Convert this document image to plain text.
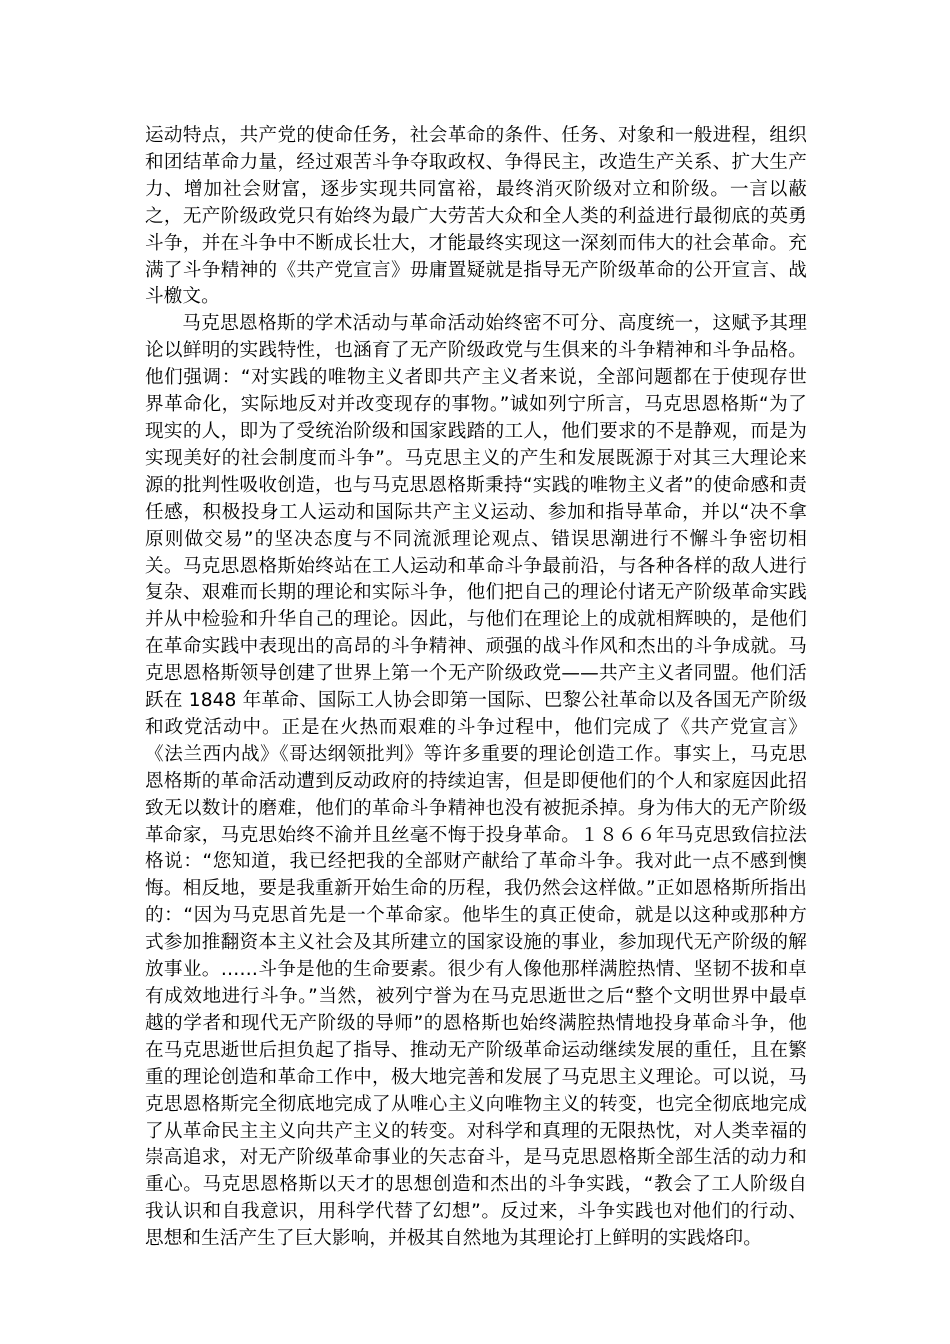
运动特点，共产党的使命任务，社会革命的条件、任务、对象和一般进程，组织和团结革命力量，经过艰苦斗争夺取政权、争得民主，改造生产关系、扩大生产力、增加社会财富，逐步实现共同富裕，最终消灭阶级对立和阶级。一言以蔽之，无产阶级政党只有始终为最广大劳苦大众和全人类的利益进行最彻底的英勇斗争，并在斗争中不断成长壮大，才能最终实现这一深刻而伟大的社会革命。充满了斗争精神的《共产党宣言》毋庸置疑就是指导无产阶级革命的公开宣言、战斗檄文。

马克思恩格斯的学术活动与革命活动始终密不可分、高度统一，这赋予其理论以鲜明的实践特性，也涵育了无产阶级政党与生俱来的斗争精神和斗争品格。他们强调：“对实践的唯物主义者即共产主义者来说，全部问题都在于使现存世界革命化，实际地反对并改变现存的事物。”诚如列宁所言，马克思恩格斯“为了现实的人，即为了受统治阶级和国家践踏的工人，他们要求的不是静观，而是为实现美好的社会制度而斗争”。马克思主义的产生和发展既源于对其三大理论来源的批判性吸收创造，也与马克思恩格斯秉持“实践的唯物主义者”的使命感和责任感，积极投身工人运动和国际共产主义运动、参加和指导革命，并以“决不拿原则做交易”的坚决态度与不同流派理论观点、错误思潮进行不懈斗争密切相关。马克思恩格斯始终站在工人运动和革命斗争最前沿，与各种各样的敌人进行复杂、艰难而长期的理论和实际斗争，他们把自己的理论付诸无产阶级革命实践并从中检验和升华自己的理论。因此，与他们在理论上的成就相辉映的，是他们在革命实践中表现出的高昂的斗争精神、顽强的战斗作风和杰出的斗争成就。马克思恩格斯领导创建了世界上第一个无产阶级政党——共产主义者同盟。他们活跃在 1848 年革命、国际工人协会即第一国际、巴黎公社革命以及各国无产阶级和政党活动中。正是在火热而艰难的斗争过程中，他们完成了《共产党宣言》《法兰西内战》《哥达纲领批判》等许多重要的理论创造工作。事实上，马克思恩格斯的革命活动遭到反动政府的持续迫害，但是即便他们的个人和家庭因此招致无以数计的磨难，他们的革命斗争精神也没有被扼杀掉。身为伟大的无产阶级革命家，马克思始终不渝并且丝毫不悔于投身革命。１８６６年马克思致信拉法格说：“您知道，我已经把我的全部财产献给了革命斗争。我对此一点不感到懊悔。相反地，要是我重新开始生命的历程，我仍然会这样做。”正如恩格斯所指出的：“因为马克思首先是一个革命家。他毕生的真正使命，就是以这种或那种方式参加推翻资本主义社会及其所建立的国家设施的事业，参加现代无产阶级的解放事业。……斗争是他的生命要素。很少有人像他那样满腔热情、坚韧不拔和卓有成效地进行斗争。”当然，被列宁誉为在马克思逝世之后“整个文明世界中最卓越的学者和现代无产阶级的导师”的恩格斯也始终满腔热情地投身革命斗争，他在马克思逝世后担负起了指导、推动无产阶级革命运动继续发展的重任，且在繁重的理论创造和革命工作中，极大地完善和发展了马克思主义理论。可以说，马克思恩格斯完全彻底地完成了从唯心主义向唯物主义的转变，也完全彻底地完成了从革命民主主义向共产主义的转变。对科学和真理的无限热忱，对人类幸福的崇高追求，对无产阶级革命事业的矢志奋斗，是马克思恩格斯全部生活的动力和重心。马克思恩格斯以天才的思想创造和杰出的斗争实践，“教会了工人阶级自我认识和自我意识，用科学代替了幻想”。反过来，斗争实践也对他们的行动、思想和生活产生了巨大影响，并极其自然地为其理论打上鲜明的实践烙印。
